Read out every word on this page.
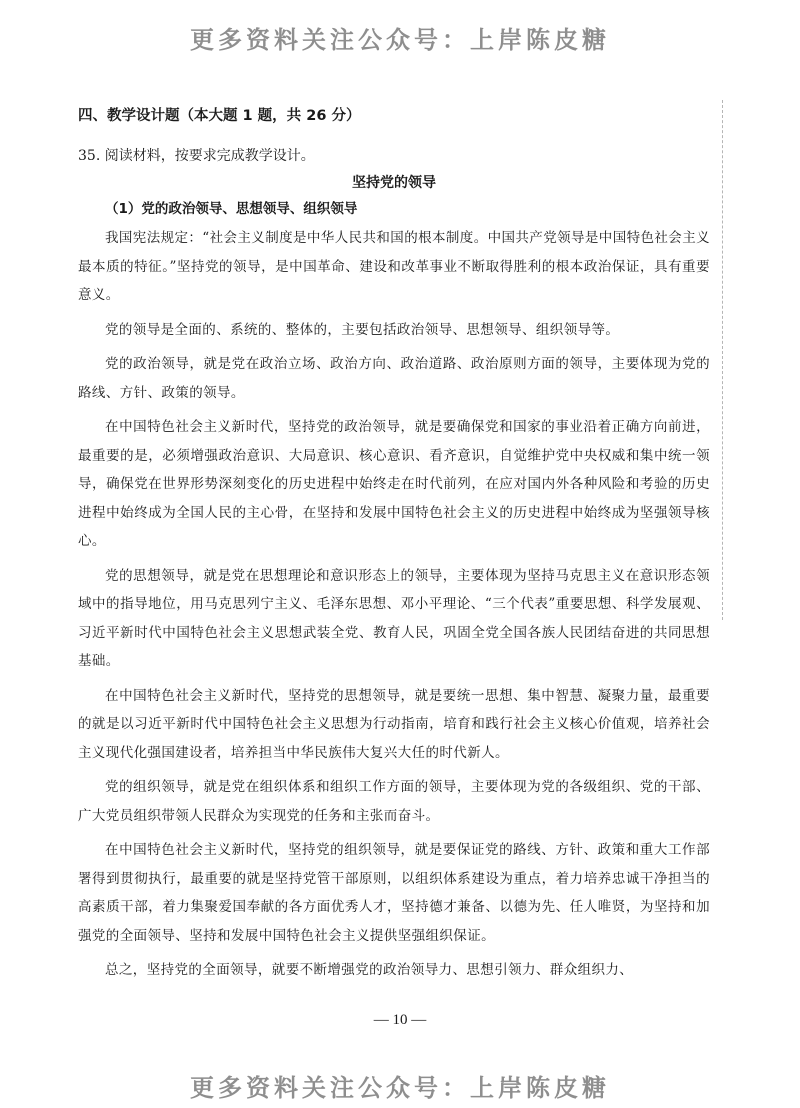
更多资料关注公众号：上岸陈皮糖
四、教学设计题（本大题 1 题，共 26 分）
35. 阅读材料，按要求完成教学设计。
坚持党的领导
（1）党的政治领导、思想领导、组织领导

我国宪法规定：“社会主义制度是中华人民共和国的根本制度。中国共产党领导是中国特色社会主义最本质的特征。”坚持党的领导，是中国革命、建设和改革事业不断取得胜利的根本政治保证，具有重要意义。

党的领导是全面的、系统的、整体的，主要包括政治领导、思想领导、组织领导等。

党的政治领导，就是党在政治立场、政治方向、政治道路、政治原则方面的领导，主要体现为党的路线、方针、政策的领导。

在中国特色社会主义新时代，坚持党的政治领导，就是要确保党和国家的事业沿着正确方向前进，最重要的是，必须增强政治意识、大局意识、核心意识、看齐意识，自觉维护党中央权威和集中统一领导，确保党在世界形势深刻变化的历史进程中始终走在时代前列，在应对国内外各种风险和考验的历史进程中始终成为全国人民的主心骨，在坚持和发展中国特色社会主义的历史进程中始终成为坚强领导核心。

党的思想领导，就是党在思想理论和意识形态上的领导，主要体现为坚持马克思主义在意识形态领域中的指导地位，用马克思列宁主义、毛泽东思想、邓小平理论、“三个代表”重要思想、科学发展观、习近平新时代中国特色社会主义思想武装全党、教育人民，巩固全党全国各族人民团结奋进的共同思想基础。

在中国特色社会主义新时代，坚持党的思想领导，就是要统一思想、集中智慧、凝聚力量，最重要的就是以习近平新时代中国特色社会主义思想为行动指南，培育和践行社会主义核心价值观，培养社会主义现代化强国建设者，培养担当中华民族伟大复兴大任的时代新人。

党的组织领导，就是党在组织体系和组织工作方面的领导，主要体现为党的各级组织、党的干部、广大党员组织带领人民群众为实现党的任务和主张而奋斗。

在中国特色社会主义新时代，坚持党的组织领导，就是要保证党的路线、方针、政策和重大工作部署得到贯彻执行，最重要的就是坚持党管干部原则，以组织体系建设为重点，着力培养忠诚干净担当的高素质干部，着力集聚爱国奉献的各方面优秀人才，坚持德才兼备、以德为先、任人唯贤，为坚持和加强党的全面领导、坚持和发展中国特色社会主义提供坚强组织保证。

总之，坚持党的全面领导，就要不断增强党的政治领导力、思想引领力、群众组织力、

— 10 —
更多资料关注公众号：上岸陈皮糖
